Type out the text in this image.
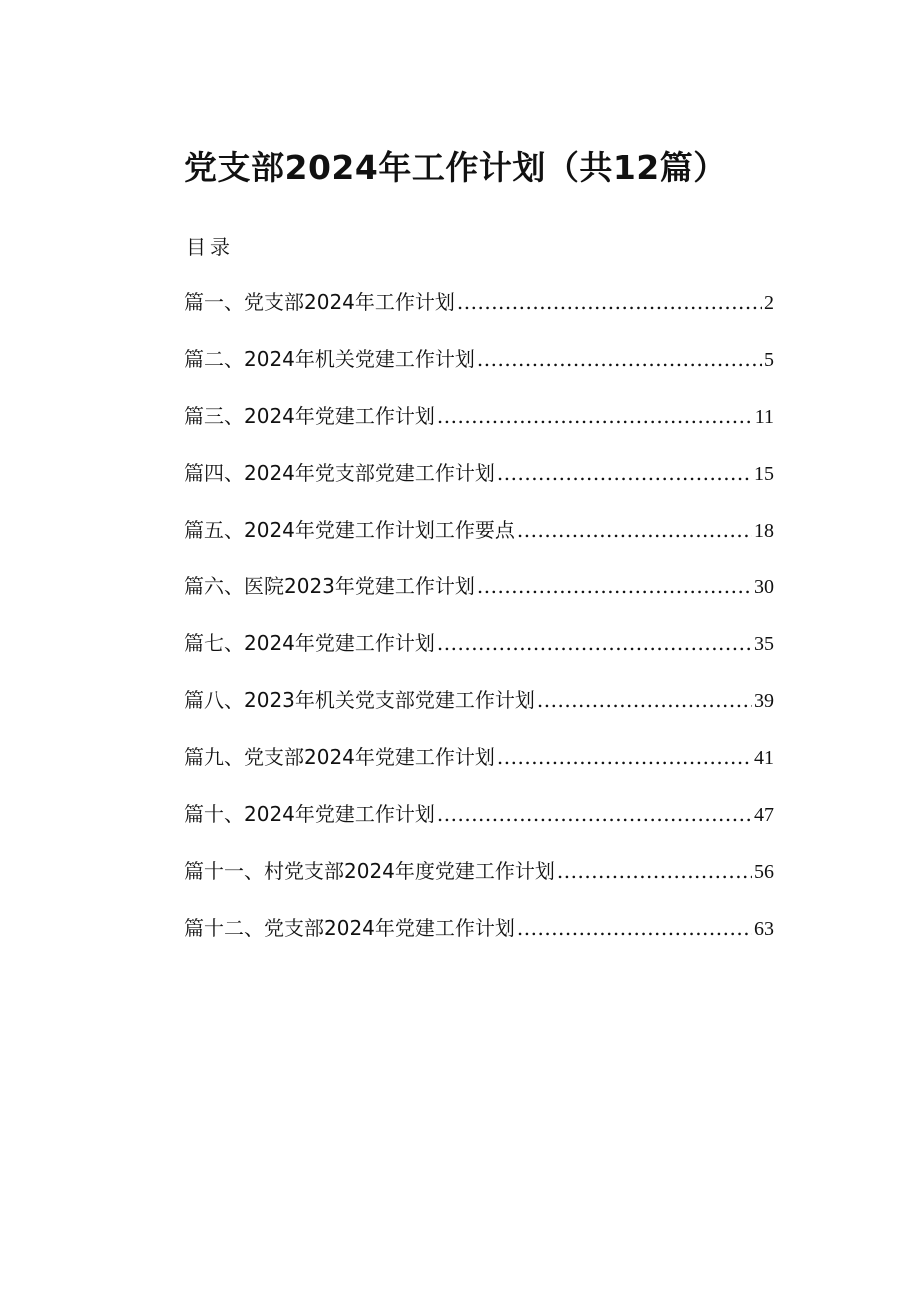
党支部2024年工作计划（共12篇）
目录
篇一、党支部2024年工作计划 .....	2
篇二、2024年机关党建工作计划 .....	5
篇三、2024年党建工作计划 .....	11
篇四、2024年党支部党建工作计划 .....	15
篇五、2024年党建工作计划工作要点 .....	18
篇六、医院2023年党建工作计划 .....	30
篇七、2024年党建工作计划 .....	35
篇八、2023年机关党支部党建工作计划 .....	39
篇九、党支部2024年党建工作计划 .....	41
篇十、2024年党建工作计划 .....	47
篇十一、村党支部2024年度党建工作计划 .....	56
篇十二、党支部2024年党建工作计划 .....	63
